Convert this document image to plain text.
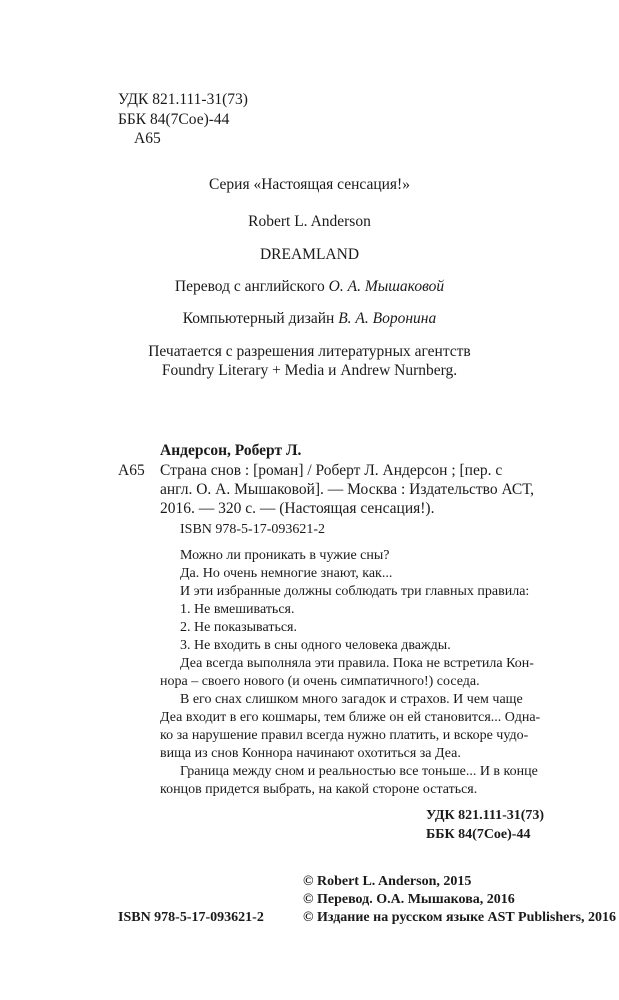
УДК 821.111-31(73)
ББК 84(7Сое)-44
А65
Серия «Настоящая сенсация!»
Robert L. Anderson
DREAMLAND
Перевод с английского О. А. Мышаковой
Компьютерный дизайн В. А. Воронина
Печатается с разрешения литературных агентств
Foundry Literary + Media и Andrew Nurnberg.
Андерсон, Роберт Л.
А65 Страна снов : [роман] / Роберт Л. Андерсон ; [пер. с
англ. О. А. Мышаковой]. — Москва : Издательство АСТ,
2016. — 320 с. — (Настоящая сенсация!).
ISBN 978-5-17-093621-2
Можно ли проникать в чужие сны?
Да. Но очень немногие знают, как...
И эти избранные должны соблюдать три главных правила:
1. Не вмешиваться.
2. Не показываться.
3. Не входить в сны одного человека дважды.
Деа всегда выполняла эти правила. Пока не встретила Кон-
нора – своего нового (и очень симпатичного!) соседа.
В его снах слишком много загадок и страхов. И чем чаще
Деа входит в его кошмары, тем ближе он ей становится... Одна-
ко за нарушение правил всегда нужно платить, и вскоре чудо-
вища из снов Коннора начинают охотиться за Деа.
Граница между сном и реальностью все тоньше... И в конце
концов придется выбрать, на какой стороне остаться.
УДК 821.111-31(73)
ББК 84(7Сое)-44
© Robert L. Anderson, 2015
© Перевод. О.А. Мышакова, 2016
ISBN 978-5-17-093621-2	© Издание на русском языке AST Publishers, 2016
